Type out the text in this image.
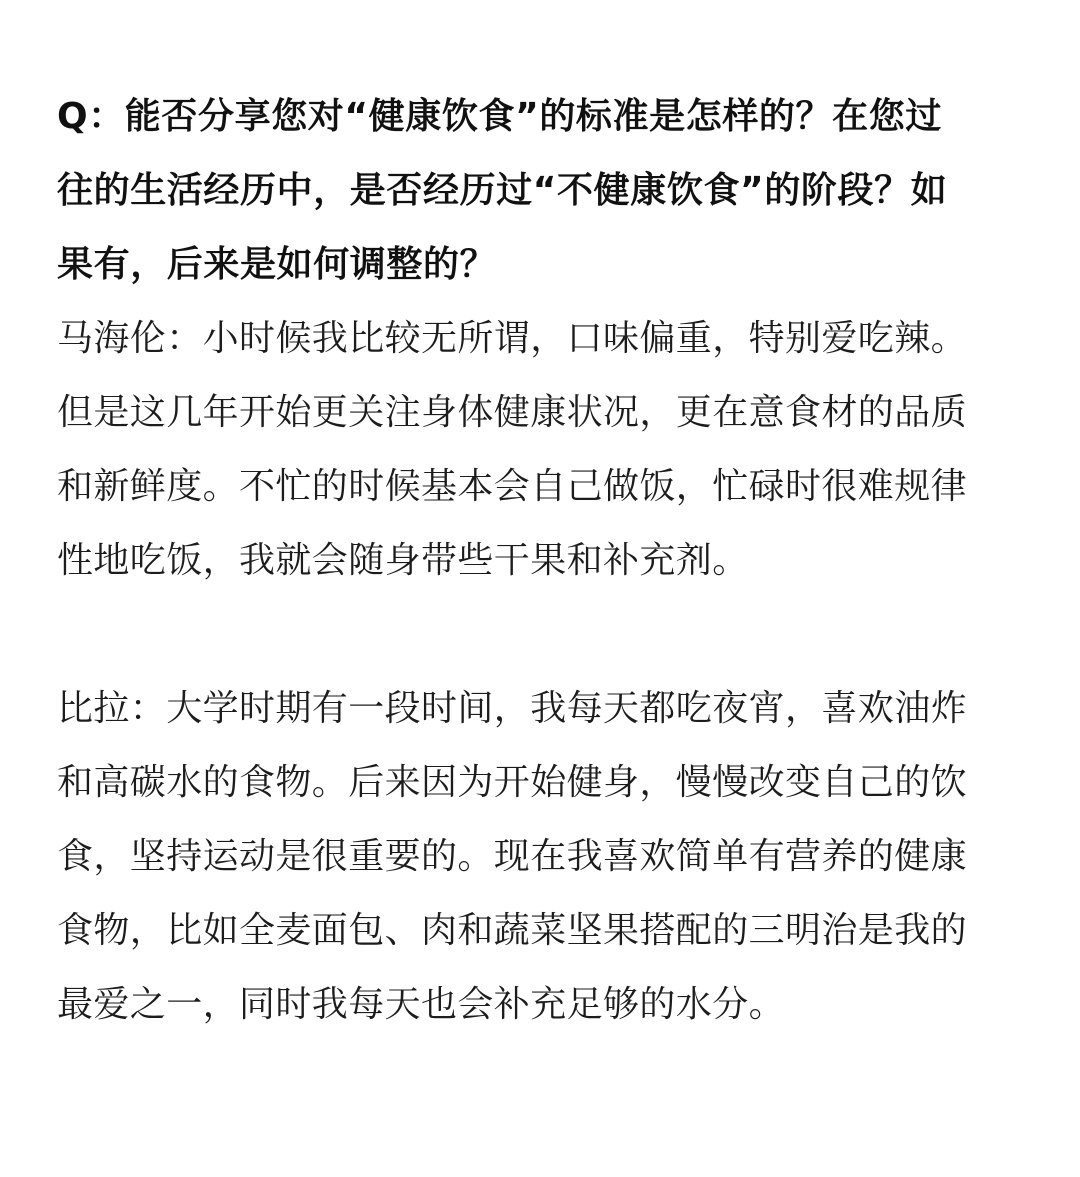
Q：能否分享您对“健康饮食”的标准是怎样的？在您过
往的生活经历中，是否经历过“不健康饮食”的阶段？如
果有，后来是如何调整的？
马海伦：小时候我比较无所谓，口味偏重，特别爱吃辣。
但是这几年开始更关注身体健康状况，更在意食材的品质
和新鲜度。不忙的时候基本会自己做饭，忙碌时很难规律
性地吃饭，我就会随身带些干果和补充剂。
比拉：大学时期有一段时间，我每天都吃夜宵，喜欢油炸
和高碳水的食物。后来因为开始健身，慢慢改变自己的饮
食，坚持运动是很重要的。现在我喜欢简单有营养的健康
食物，比如全麦面包、肉和蔬菜坚果搭配的三明治是我的
最爱之一，同时我每天也会补充足够的水分。
